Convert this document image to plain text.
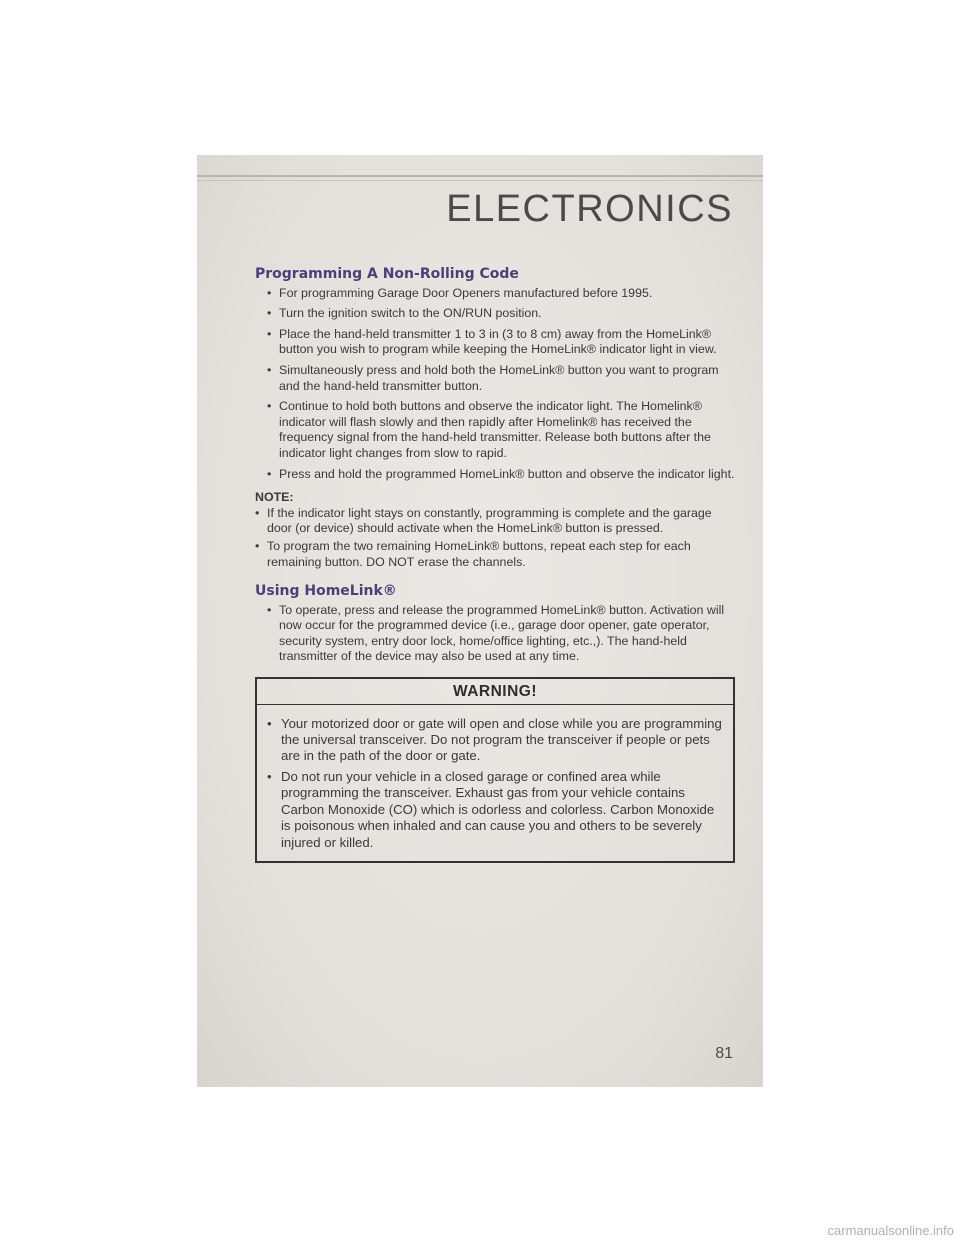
ELECTRONICS
Programming A Non-Rolling Code
• For programming Garage Door Openers manufactured before 1995.
• Turn the ignition switch to the ON/RUN position.
• Place the hand-held transmitter 1 to 3 in (3 to 8 cm) away from the HomeLink® button you wish to program while keeping the HomeLink® indicator light in view.
• Simultaneously press and hold both the HomeLink® button you want to program and the hand-held transmitter button.
• Continue to hold both buttons and observe the indicator light. The Homelink® indicator will flash slowly and then rapidly after Homelink® has received the frequency signal from the hand-held transmitter. Release both buttons after the indicator light changes from slow to rapid.
• Press and hold the programmed HomeLink® button and observe the indicator light.
NOTE:
• If the indicator light stays on constantly, programming is complete and the garage door (or device) should activate when the HomeLink® button is pressed.
• To program the two remaining HomeLink® buttons, repeat each step for each remaining button. DO NOT erase the channels.
Using HomeLink®
• To operate, press and release the programmed HomeLink® button. Activation will now occur for the programmed device (i.e., garage door opener, gate operator, security system, entry door lock, home/office lighting, etc.,). The hand-held transmitter of the device may also be used at any time.
WARNING!
• Your motorized door or gate will open and close while you are programming the universal transceiver. Do not program the transceiver if people or pets are in the path of the door or gate.
• Do not run your vehicle in a closed garage or confined area while programming the transceiver. Exhaust gas from your vehicle contains Carbon Monoxide (CO) which is odorless and colorless. Carbon Monoxide is poisonous when inhaled and can cause you and others to be severely injured or killed.
81
carmanualsonline.info
